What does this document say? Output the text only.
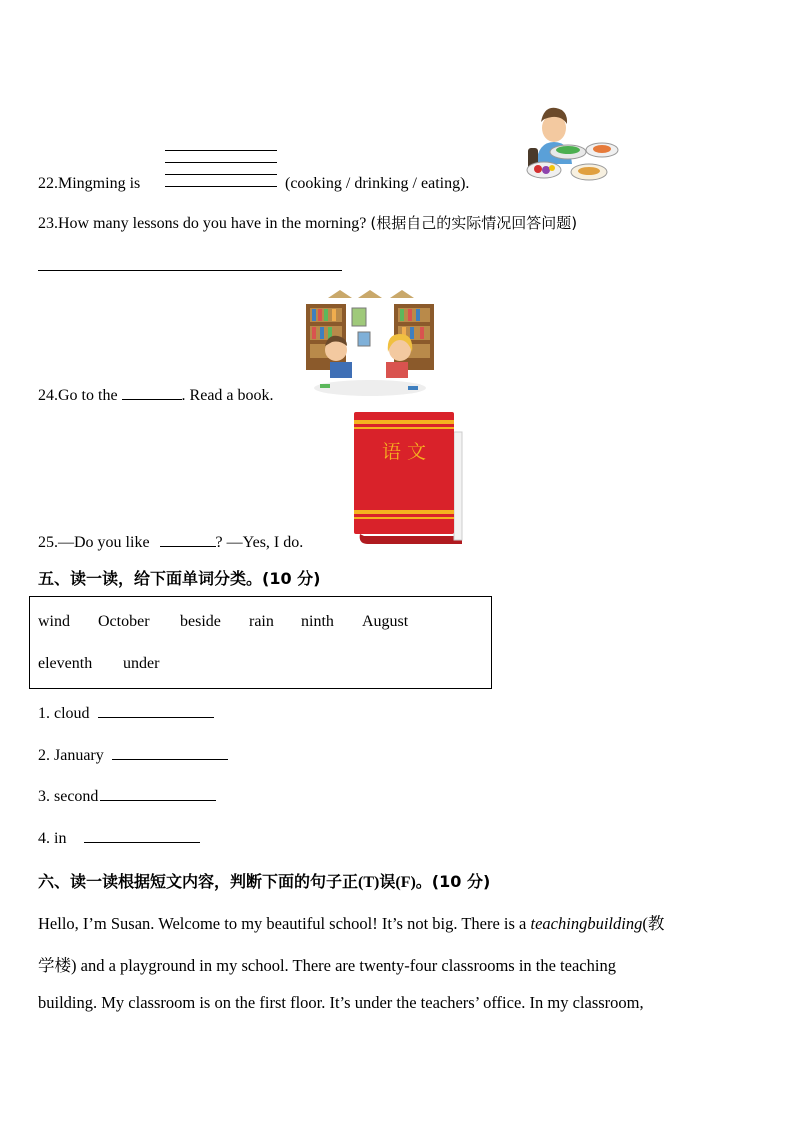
22.Mingming is	(cooking / drinking / eating).
23.How many lessons do you have in the morning? (根据自己的实际情况回答问题)
24.Go to the	. Read a book.
语 文
25.—Do you like	? —Yes, I do.
五、读一读，给下面单词分类。(10 分)
wind October beside rain ninth August
eleventh under
1. cloud
2. January
3. second
4. in
六、读一读根据短文内容，判断下面的句子正(T)误(F)。(10 分)
Hello, I’m Susan. Welcome to my beautiful school! It’s not big. There is a teachingbuilding(教
学楼) and a playground in my school. There are twenty-four classrooms in the teaching
building. My classroom is on the first floor. It’s under the teachers’ office. In my classroom,
